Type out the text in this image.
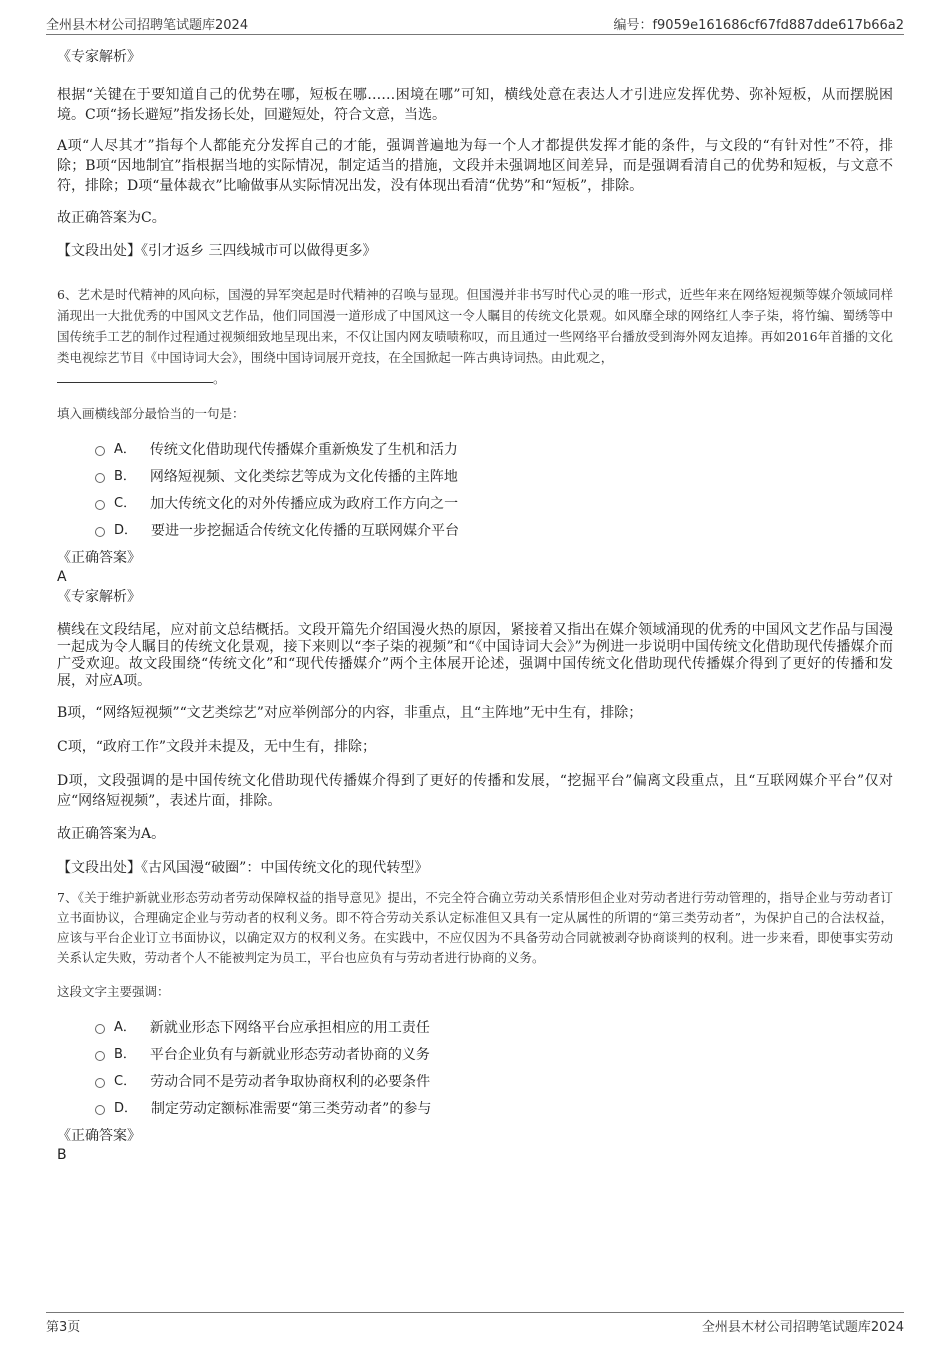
全州县木材公司招聘笔试题库2024	编号：f9059e161686cf67fd887dde617b66a2

《专家解析》

根据“关键在于要知道自己的优势在哪，短板在哪……困境在哪”可知，横线处意在表达人才引进应发挥优势、弥补短板，从而摆脱困境。C项“扬长避短”指发扬长处，回避短处，符合文意，当选。

A项“人尽其才”指每个人都能充分发挥自己的才能，强调普遍地为每一个人才都提供发挥才能的条件，与文段的“有针对性”不符，排除；B项“因地制宜”指根据当地的实际情况，制定适当的措施，文段并未强调地区间差异，而是强调看清自己的优势和短板，与文意不符，排除；D项“量体裁衣”比喻做事从实际情况出发，没有体现出看清“优势”和“短板”，排除。

故正确答案为C。

【文段出处】《引才返乡 三四线城市可以做得更多》

6、艺术是时代精神的风向标，国漫的异军突起是时代精神的召唤与显现。但国漫并非书写时代心灵的唯一形式，近些年来在网络短视频等媒介领域同样涌现出一大批优秀的中国风文艺作品，他们同国漫一道形成了中国风这一令人瞩目的传统文化景观。如风靡全球的网络红人李子柒，将竹编、蜀绣等中国传统手工艺的制作过程通过视频细致地呈现出来，不仅让国内网友啧啧称叹，而且通过一些网络平台播放受到海外网友追捧。再如2016年首播的文化类电视综艺节目《中国诗词大会》，围绕中国诗词展开竞技，在全国掀起一阵古典诗词热。由此观之，
。

填入画横线部分最恰当的一句是：

A． 传统文化借助现代传播媒介重新焕发了生机和活力
B． 网络短视频、文化类综艺等成为文化传播的主阵地
C． 加大传统文化的对外传播应成为政府工作方向之一
D． 要进一步挖掘适合传统文化传播的互联网媒介平台

《正确答案》

A

《专家解析》

横线在文段结尾，应对前文总结概括。文段开篇先介绍国漫火热的原因，紧接着又指出在媒介领域涌现的优秀的中国风文艺作品与国漫一起成为令人瞩目的传统文化景观，接下来则以“李子柒的视频”和“《中国诗词大会》”为例进一步说明中国传统文化借助现代传播媒介而广受欢迎。故文段围绕“传统文化”和“现代传播媒介”两个主体展开论述，强调中国传统文化借助现代传播媒介得到了更好的传播和发展，对应A项。

B项，“网络短视频”“文艺类综艺”对应举例部分的内容，非重点，且“主阵地”无中生有，排除；

C项，“政府工作”文段并未提及，无中生有，排除；

D项，文段强调的是中国传统文化借助现代传播媒介得到了更好的传播和发展，“挖掘平台”偏离文段重点，且“互联网媒介平台”仅对应“网络短视频”，表述片面，排除。

故正确答案为A。

【文段出处】《古风国漫“破圈”：中国传统文化的现代转型》

7、《关于维护新就业形态劳动者劳动保障权益的指导意见》提出，不完全符合确立劳动关系情形但企业对劳动者进行劳动管理的，指导企业与劳动者订立书面协议，合理确定企业与劳动者的权利义务。即不符合劳动关系认定标准但又具有一定从属性的所谓的“第三类劳动者”，为保护自己的合法权益，应该与平台企业订立书面协议，以确定双方的权利义务。在实践中，不应仅因为不具备劳动合同就被剥夺协商谈判的权利。进一步来看，即使事实劳动关系认定失败，劳动者个人不能被判定为员工，平台也应负有与劳动者进行协商的义务。

这段文字主要强调：

A． 新就业形态下网络平台应承担相应的用工责任
B． 平台企业负有与新就业形态劳动者协商的义务
C． 劳动合同不是劳动者争取协商权利的必要条件
D． 制定劳动定额标准需要“第三类劳动者”的参与

《正确答案》

B

第3页	全州县木材公司招聘笔试题库2024
